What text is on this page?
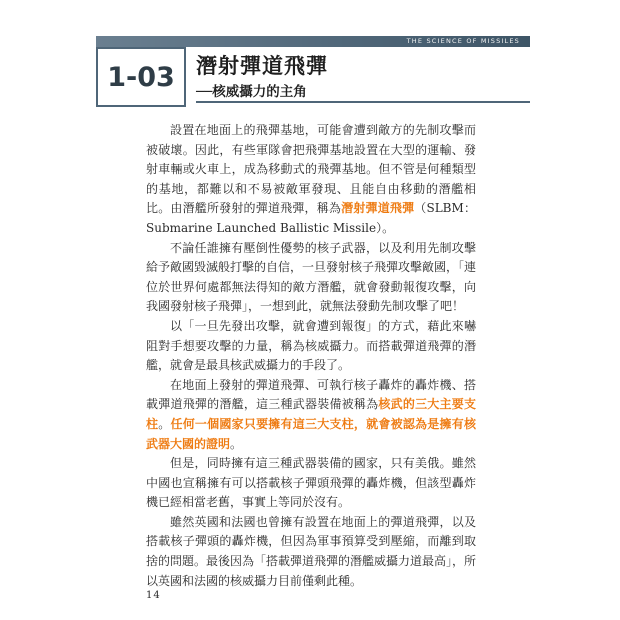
THE SCIENCE OF MISSILES
1-03 潛射彈道飛彈
──核威攝力的主角

設置在地面上的飛彈基地，可能會遭到敵方的先制攻擊而被破壞。因此，有些軍隊會把飛彈基地設置在大型的運輸、發射車輛或火車上，成為移動式的飛彈基地。但不管是何種類型的基地，都難以和不易被敵軍發現、且能自由移動的潛艦相比。由潛艦所發射的彈道飛彈，稱為潛射彈道飛彈（SLBM：Submarine Launched Ballistic Missile）。

不論任誰擁有壓倒性優勢的核子武器，以及利用先制攻擊給予敵國毀滅般打擊的自信，一旦發射核子飛彈攻擊敵國，「連位於世界何處都無法得知的敵方潛艦，就會發動報復攻擊，向我國發射核子飛彈」，一想到此，就無法發動先制攻擊了吧！

以「一旦先發出攻擊，就會遭到報復」的方式，藉此來嚇阻對手想要攻擊的力量，稱為核威攝力。而搭載彈道飛彈的潛艦，就會是最具核武威攝力的手段了。

在地面上發射的彈道飛彈、可執行核子轟炸的轟炸機、搭載彈道飛彈的潛艦，這三種武器裝備被稱為核武的三大主要支柱。任何一個國家只要擁有這三大支柱，就會被認為是擁有核武器大國的證明。

但是，同時擁有這三種武器裝備的國家，只有美俄。雖然中國也宣稱擁有可以搭載核子彈頭飛彈的轟炸機，但該型轟炸機已經相當老舊，事實上等同於沒有。

雖然英國和法國也曾擁有設置在地面上的彈道飛彈，以及搭載核子彈頭的轟炸機，但因為軍事預算受到壓縮，而離到取捨的問題。最後因為「搭載彈道飛彈的潛艦威攝力道最高」，所以英國和法國的核威攝力目前僅剩此種。

14
